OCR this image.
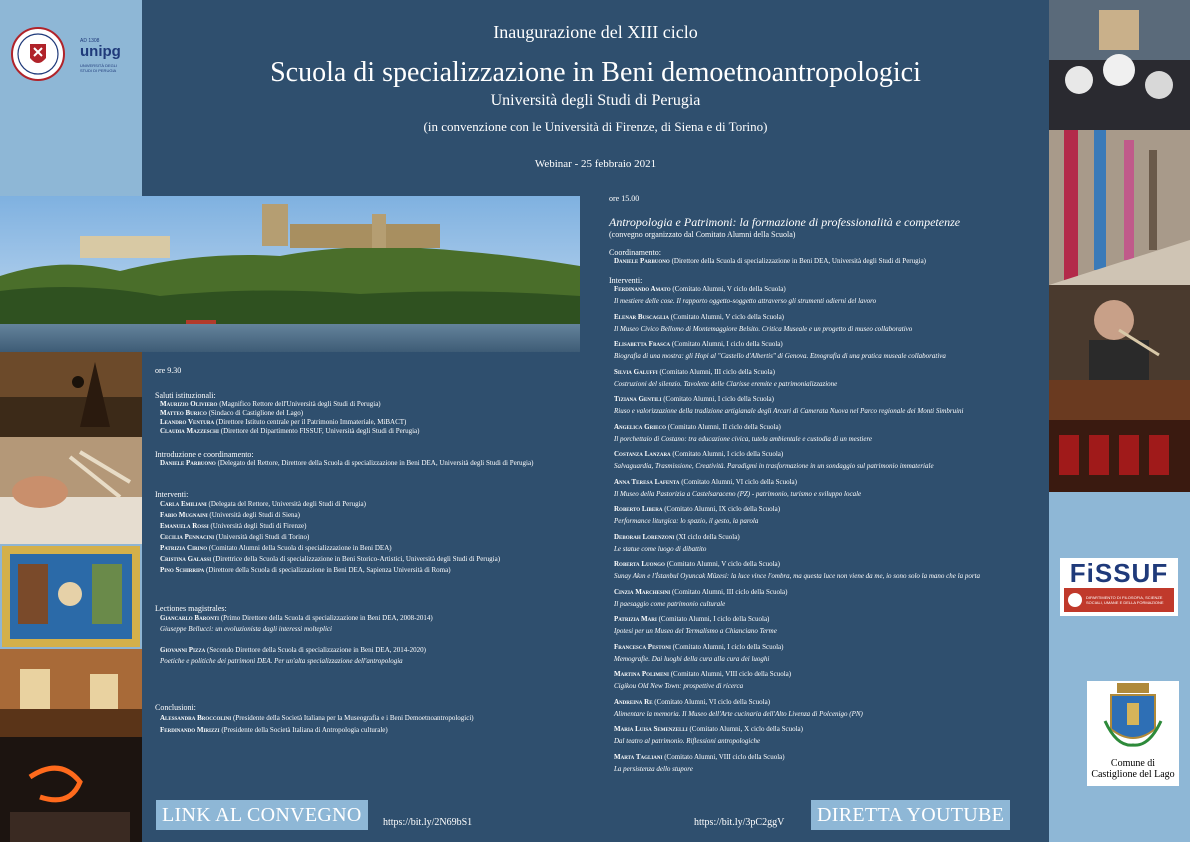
AD 1308
unipg
UNIVERSITÀ DEGLI STUDI DI PERUGIA
Inaugurazione del XIII ciclo
Scuola di specializzazione in Beni demoetnoantropologici
Università degli Studi di Perugia
(in convenzione con le Università di Firenze, di Siena e di Torino)
Webinar - 25 febbraio 2021
FiSSUF
DIPARTIMENTO DI FILOSOFIA, SCIENZE SOCIALI, UMANE E DELLA FORMAZIONE
Comune di
Castiglione del Lago
ore 9.30
Saluti istituzionali:
Maurizio Oliviero (Magnifico Rettore dell'Università degli Studi di Perugia)
Matteo Burico (Sindaco di Castiglione del Lago)
Leandro Ventura (Direttore Istituto centrale per il Patrimonio Immateriale, MiBACT)
Claudia Mazzeschi (Direttore del Dipartimento FISSUF, Università degli Studi di Perugia)
Introduzione e coordinamento:
Daniele Parbuono (Delegato del Rettore, Direttore della Scuola di specializzazione in Beni DEA, Università degli Studi di Perugia)
Interventi:
Carla Emiliani (Delegata del Rettore, Università degli Studi di Perugia)
Fabio Mugnaini (Università degli Studi di Siena)
Emanuela Rossi (Università degli Studi di Firenze)
Cecilia Pennacini (Università degli Studi di Torino)
Patrizia Cirino (Comitato Alumni della Scuola di specializzazione in Beni DEA)
Cristina Galassi (Direttrice della Scuola di specializzazione in Beni Storico-Artistici, Università degli Studi di Perugia)
Pino Schirripa (Direttore della Scuola di specializzazione in Beni DEA, Sapienza Università di Roma)
Lectiones magistrales:
Giancarlo Baronti (Primo Direttore della Scuola di specializzazione in Beni DEA, 2008-2014)
Giuseppe Bellucci: un evoluzionista dagli interessi molteplici
Giovanni Pizza (Secondo Direttore della Scuola di specializzazione in Beni DEA, 2014-2020)
Poetiche e politiche dei patrimoni DEA. Per un'alta specializzazione dell'antropologia
Conclusioni:
Alessandra Broccolini (Presidente della Società Italiana per la Museografia e i Beni Demoetnoantropologici)
Ferdinando Mirizzi (Presidente della Società Italiana di Antropologia culturale)
ore 15.00
Antropologia e Patrimoni: la formazione di professionalità e competenze
(convegno organizzato dal Comitato Alumni della Scuola)
Coordinamento:
Daniele Parbuono (Direttore della Scuola di specializzazione in Beni DEA, Università degli Studi di Perugia)
Interventi:
Ferdinando Amato (Comitato Alumni, V ciclo della Scuola)
Il mestiere delle cose. Il rapporto oggetto-soggetto attraverso gli strumenti odierni del lavoro
Elenar Buscaglia (Comitato Alumni, V ciclo della Scuola)
Il Museo Civico Bellomo di Montemaggiore Belsito. Critica Museale e un progetto di museo collaborativo
Elisabetta Frasca (Comitato Alumni, I ciclo della Scuola)
Biografia di una mostra: gli Hopi al "Castello d'Albertis" di Genova. Etnografia di una pratica museale collaborativa
Silvia Galuffi (Comitato Alumni, III ciclo della Scuola)
Costruzioni del silenzio. Tavolette delle Clarisse eremite e patrimonializzazione
Tiziana Gentili (Comitato Alumni, I ciclo della Scuola)
Riuso e valorizzazione della tradizione artigianale degli Arcari di Camerata Nuova nel Parco regionale dei Monti Simbruini
Angelica Grieco (Comitato Alumni, II ciclo della Scuola)
Il porchettaio di Costano: tra educazione civica, tutela ambientale e custodia di un mestiere
Costanza Lanzara (Comitato Alumni, I ciclo della Scuola)
Salvaguardia, Trasmissione, Creatività. Paradigmi in trasformazione in un sondaggio sul patrimonio immateriale
Anna Teresa Lafenta (Comitato Alumni, VI ciclo della Scuola)
Il Museo della Pastorizia a Castelsaraceno (PZ) - patrimonio, turismo e sviluppo locale
Roberto Libera (Comitato Alumni, IX ciclo della Scuola)
Performance liturgica: lo spazio, il gesto, la parola
Deborah Lorenzoni (XI ciclo della Scuola)
Le statue come luogo di dibattito
Roberta Luongo (Comitato Alumni, V ciclo della Scuola)
Sunay Akın e l'İstanbul Oyuncak Müzesi: la luce vince l'ombra, ma questa luce non viene da me, io sono solo la mano che la porta
Cinzia Marchesini (Comitato Alumni, III ciclo della Scuola)
Il paesaggio come patrimonio culturale
Patrizia Mari (Comitato Alumni, I ciclo della Scuola)
Ipotesi per un Museo del Termalismo a Chianciano Terme
Francesca Pestoni (Comitato Alumni, I ciclo della Scuola)
Memografie. Dai luoghi della cura alla cura dei luoghi
Martina Polimeni (Comitato Alumni, VIII ciclo della Scuola)
Cigikou Old New Town: prospettive di ricerca
Andreina Re (Comitato Alumni, VI ciclo della Scuola)
Alimentare la memoria. Il Museo dell'Arte cucinaria dell'Alto Livenza di Polcenigo (PN)
Maria Luisa Semenzelli (Comitato Alumni, X ciclo della Scuola)
Dal teatro al patrimonio. Riflessioni antropologiche
Marta Tagliani (Comitato Alumni, VIII ciclo della Scuola)
La persistenza dello stupore
LINK AL CONVEGNO	https://bit.ly/2N69bS1	https://bit.ly/3pC2ggV	DIRETTA YOUTUBE
